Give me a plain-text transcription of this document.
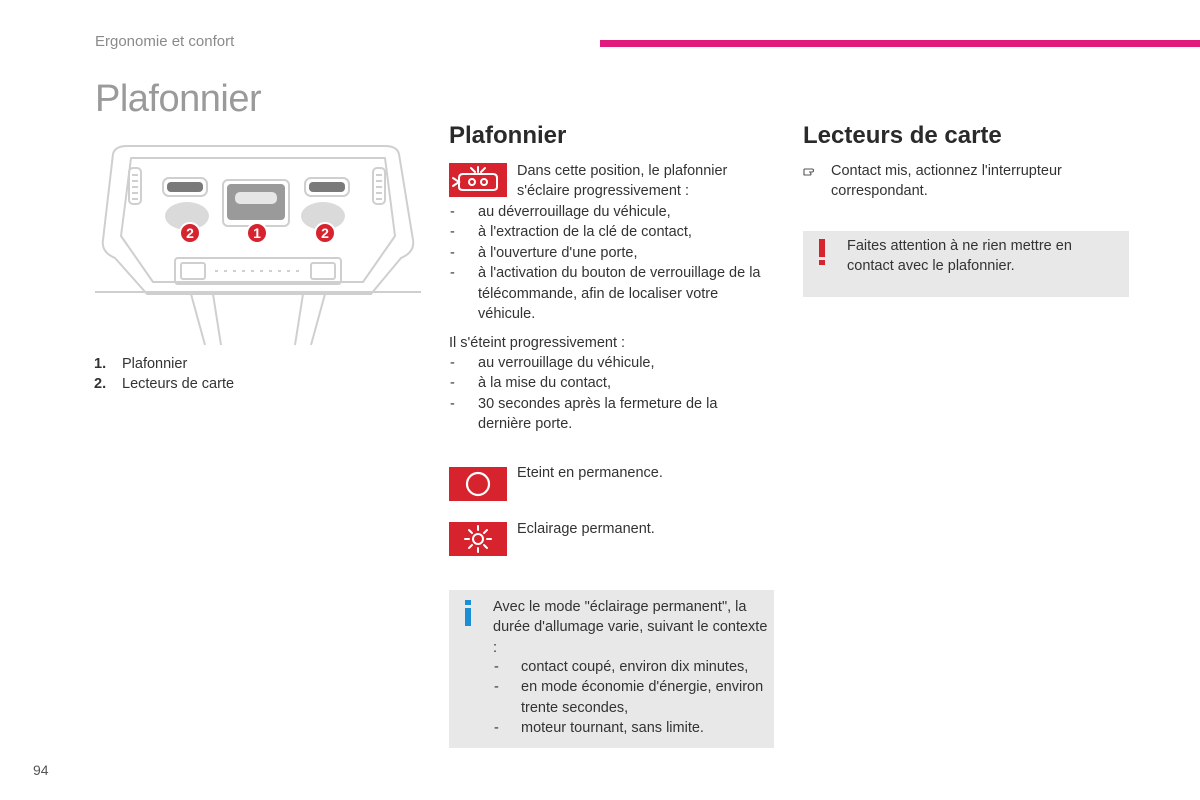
Ergonomie et confort
Plafonnier
2	1	2
1. Plafonnier
2. Lecteurs de carte
Plafonnier
Dans cette position, le plafonnier s'éclaire progressivement :
- au déverrouillage du véhicule,
- à l'extraction de la clé de contact,
- à l'ouverture d'une porte,
- à l'activation du bouton de verrouillage de la télécommande, afin de localiser votre véhicule.
Il s'éteint progressivement :
- au verrouillage du véhicule,
- à la mise du contact,
- 30 secondes après la fermeture de la dernière porte.
Eteint en permanence.
Eclairage permanent.
Avec le mode "éclairage permanent", la durée d'allumage varie, suivant le contexte :
- contact coupé, environ dix minutes,
- en mode économie d'énergie, environ trente secondes,
- moteur tournant, sans limite.
Lecteurs de carte
Contact mis, actionnez l'interrupteur correspondant.
Faites attention à ne rien mettre en contact avec le plafonnier.
94
